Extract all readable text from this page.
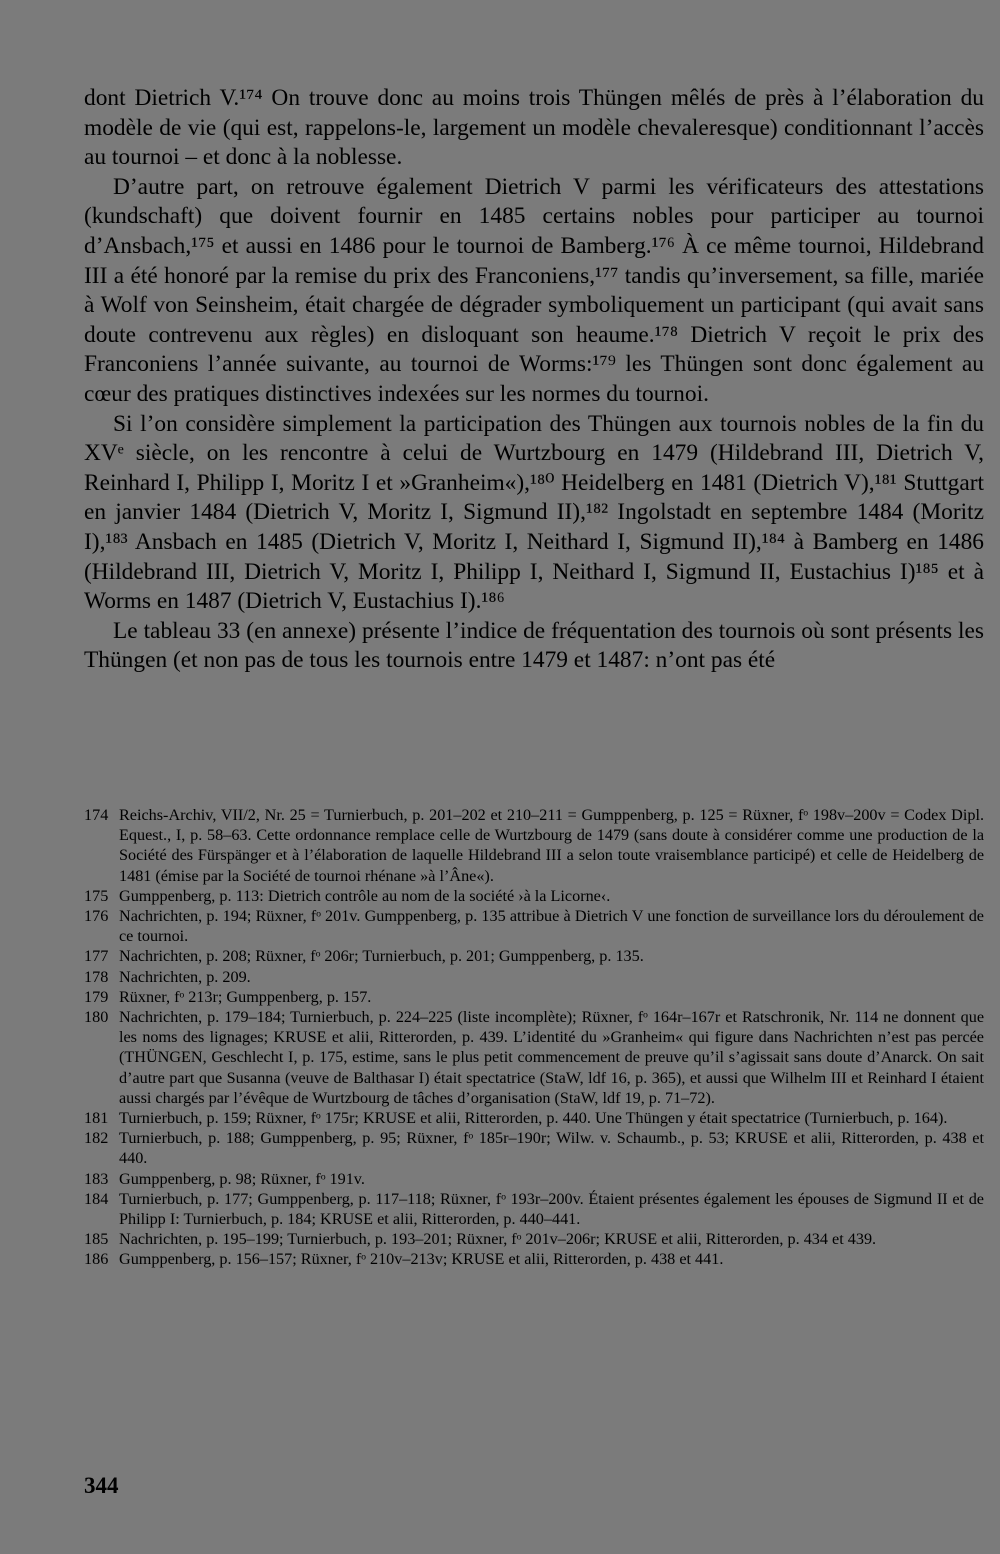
dont Dietrich V.¹⁷⁴ On trouve donc au moins trois Thüngen mêlés de près à l’élaboration du modèle de vie (qui est, rappelons-le, largement un modèle chevaleresque) conditionnant l’accès au tournoi – et donc à la noblesse.

D’autre part, on retrouve également Dietrich V parmi les vérificateurs des attestations (kundschaft) que doivent fournir en 1485 certains nobles pour participer au tournoi d’Ansbach,¹⁷⁵ et aussi en 1486 pour le tournoi de Bamberg.¹⁷⁶ À ce même tournoi, Hildebrand III a été honoré par la remise du prix des Franconiens,¹⁷⁷ tandis qu’inversement, sa fille, mariée à Wolf von Seinsheim, était chargée de dégrader symboliquement un participant (qui avait sans doute contrevenu aux règles) en disloquant son heaume.¹⁷⁸ Dietrich V reçoit le prix des Franconiens l’année suivante, au tournoi de Worms:¹⁷⁹ les Thüngen sont donc également au cœur des pratiques distinctives indexées sur les normes du tournoi.

Si l’on considère simplement la participation des Thüngen aux tournois nobles de la fin du XVᵉ siècle, on les rencontre à celui de Wurtzbourg en 1479 (Hildebrand III, Dietrich V, Reinhard I, Philipp I, Moritz I et »Granheim«),¹⁸⁰ Heidelberg en 1481 (Dietrich V),¹⁸¹ Stuttgart en janvier 1484 (Dietrich V, Moritz I, Sigmund II),¹⁸² Ingolstadt en septembre 1484 (Moritz I),¹⁸³ Ansbach en 1485 (Dietrich V, Moritz I, Neithard I, Sigmund II),¹⁸⁴ à Bamberg en 1486 (Hildebrand III, Dietrich V, Moritz I, Philipp I, Neithard I, Sigmund II, Eustachius I)¹⁸⁵ et à Worms en 1487 (Dietrich V, Eustachius I).¹⁸⁶

Le tableau 33 (en annexe) présente l’indice de fréquentation des tournois où sont présents les Thüngen (et non pas de tous les tournois entre 1479 et 1487: n’ont pas été

174 Reichs-Archiv, VII/2, Nr. 25 = Turnierbuch, p. 201–202 et 210–211 = Gumppenberg, p. 125 = Rüxner, fᵒ 198v–200v = Codex Dipl. Equest., I, p. 58–63. Cette ordonnance remplace celle de Wurtzbourg de 1479 (sans doute à considérer comme une production de la Société des Fürspänger et à l’élaboration de laquelle Hildebrand III a selon toute vraisemblance participé) et celle de Heidelberg de 1481 (émise par la Société de tournoi rhénane »à l’Âne«).

175 Gumppenberg, p. 113: Dietrich contrôle au nom de la société ›à la Licorne‹.

176 Nachrichten, p. 194; Rüxner, fᵒ 201v. Gumppenberg, p. 135 attribue à Dietrich V une fonction de surveillance lors du déroulement de ce tournoi.

177 Nachrichten, p. 208; Rüxner, fᵒ 206r; Turnierbuch, p. 201; Gumppenberg, p. 135.

178 Nachrichten, p. 209.

179 Rüxner, fᵒ 213r; Gumppenberg, p. 157.

180 Nachrichten, p. 179–184; Turnierbuch, p. 224–225 (liste incomplète); Rüxner, fᵒ 164r–167r et Ratschronik, Nr. 114 ne donnent que les noms des lignages; KRUSE et alii, Ritterorden, p. 439. L’identité du »Granheim« qui figure dans Nachrichten n’est pas percée (THÜNGEN, Geschlecht I, p. 175, estime, sans le plus petit commencement de preuve qu’il s’agissait sans doute d’Anarck. On sait d’autre part que Susanna (veuve de Balthasar I) était spectatrice (StaW, ldf 16, p. 365), et aussi que Wilhelm III et Reinhard I étaient aussi chargés par l’évêque de Wurtzbourg de tâches d’organisation (StaW, ldf 19, p. 71–72).

181 Turnierbuch, p. 159; Rüxner, fᵒ 175r; KRUSE et alii, Ritterorden, p. 440. Une Thüngen y était spectatrice (Turnierbuch, p. 164).

182 Turnierbuch, p. 188; Gumppenberg, p. 95; Rüxner, fᵒ 185r–190r; Wilw. v. Schaumb., p. 53; KRUSE et alii, Ritterorden, p. 438 et 440.

183 Gumppenberg, p. 98; Rüxner, fᵒ 191v.

184 Turnierbuch, p. 177; Gumppenberg, p. 117–118; Rüxner, fᵒ 193r–200v. Étaient présentes également les épouses de Sigmund II et de Philipp I: Turnierbuch, p. 184; KRUSE et alii, Ritterorden, p. 440–441.

185 Nachrichten, p. 195–199; Turnierbuch, p. 193–201; Rüxner, fᵒ 201v–206r; KRUSE et alii, Ritterorden, p. 434 et 439.

186 Gumppenberg, p. 156–157; Rüxner, fᵒ 210v–213v; KRUSE et alii, Ritterorden, p. 438 et 441.

344
